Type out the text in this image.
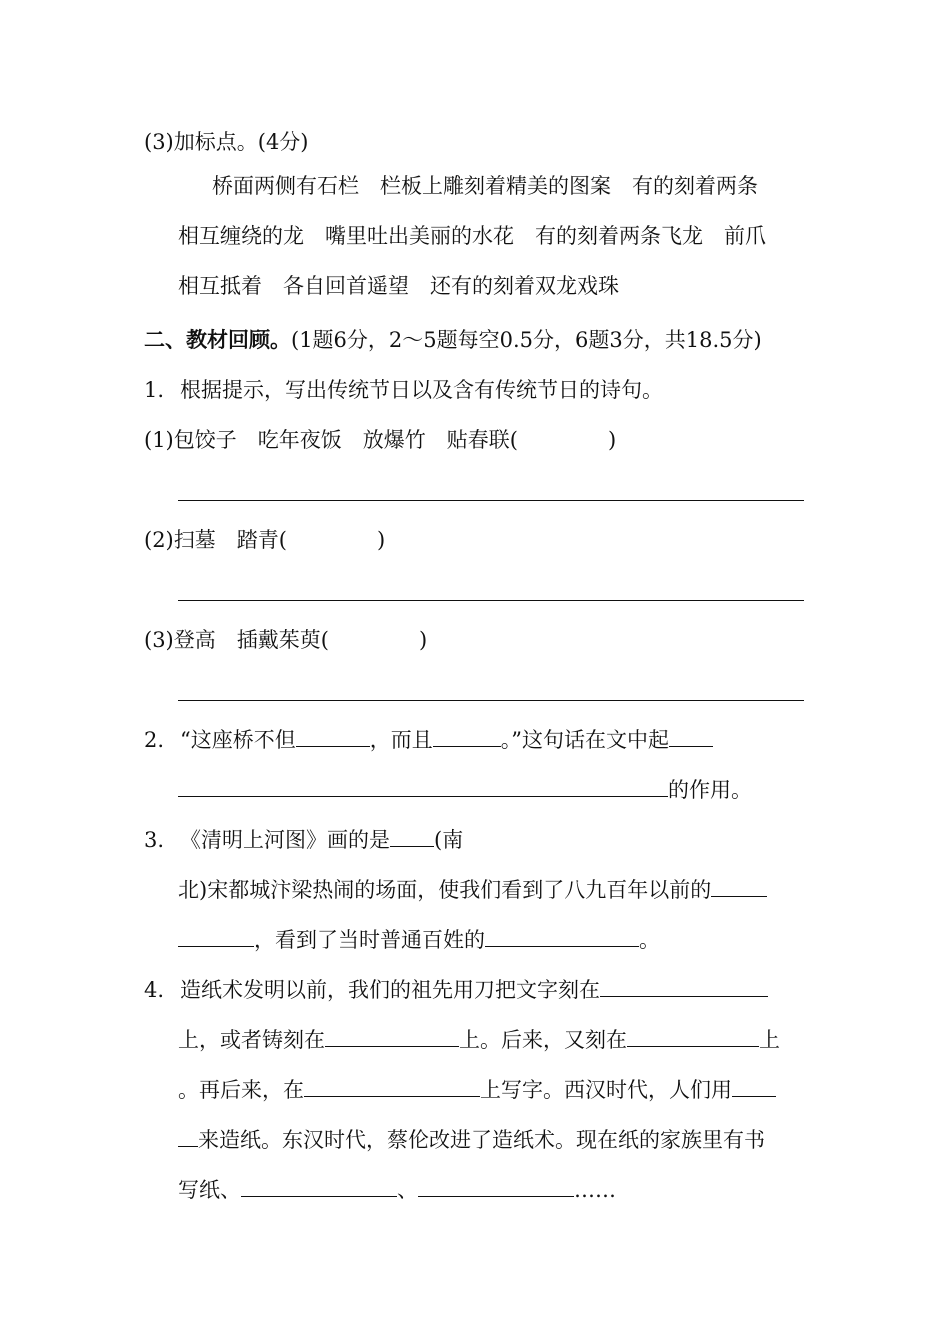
(3)加标点。(4分)
桥面两侧有石栏　栏板上雕刻着精美的图案　有的刻着两条
相互缠绕的龙　嘴里吐出美丽的水花　有的刻着两条飞龙　前爪
相互抵着　各自回首遥望　还有的刻着双龙戏珠
二、教材回顾。(1题6分，2～5题每空0.5分，6题3分，共18.5分)
1. 根据提示，写出传统节日以及含有传统节日的诗句。
(1)包饺子　吃年夜饭　放爆竹　贴春联(	)
(2)扫墓　踏青(	)
(3)登高　插戴茱萸(	)
2. “这座桥不但	，而且	。”这句话在文中起
的作用。
3. 《清明上河图》画的是 (南
北)宋都城汴梁热闹的场面，使我们看到了八九百年以前的
，看到了当时普通百姓的	。
4. 造纸术发明以前，我们的祖先用刀把文字刻在
上，或者铸刻在	上。后来，又刻在	上
。再后来，在	上写字。西汉时代，人们用
来造纸。东汉时代，蔡伦改进了造纸术。现在纸的家族里有书
写纸、	、	……
